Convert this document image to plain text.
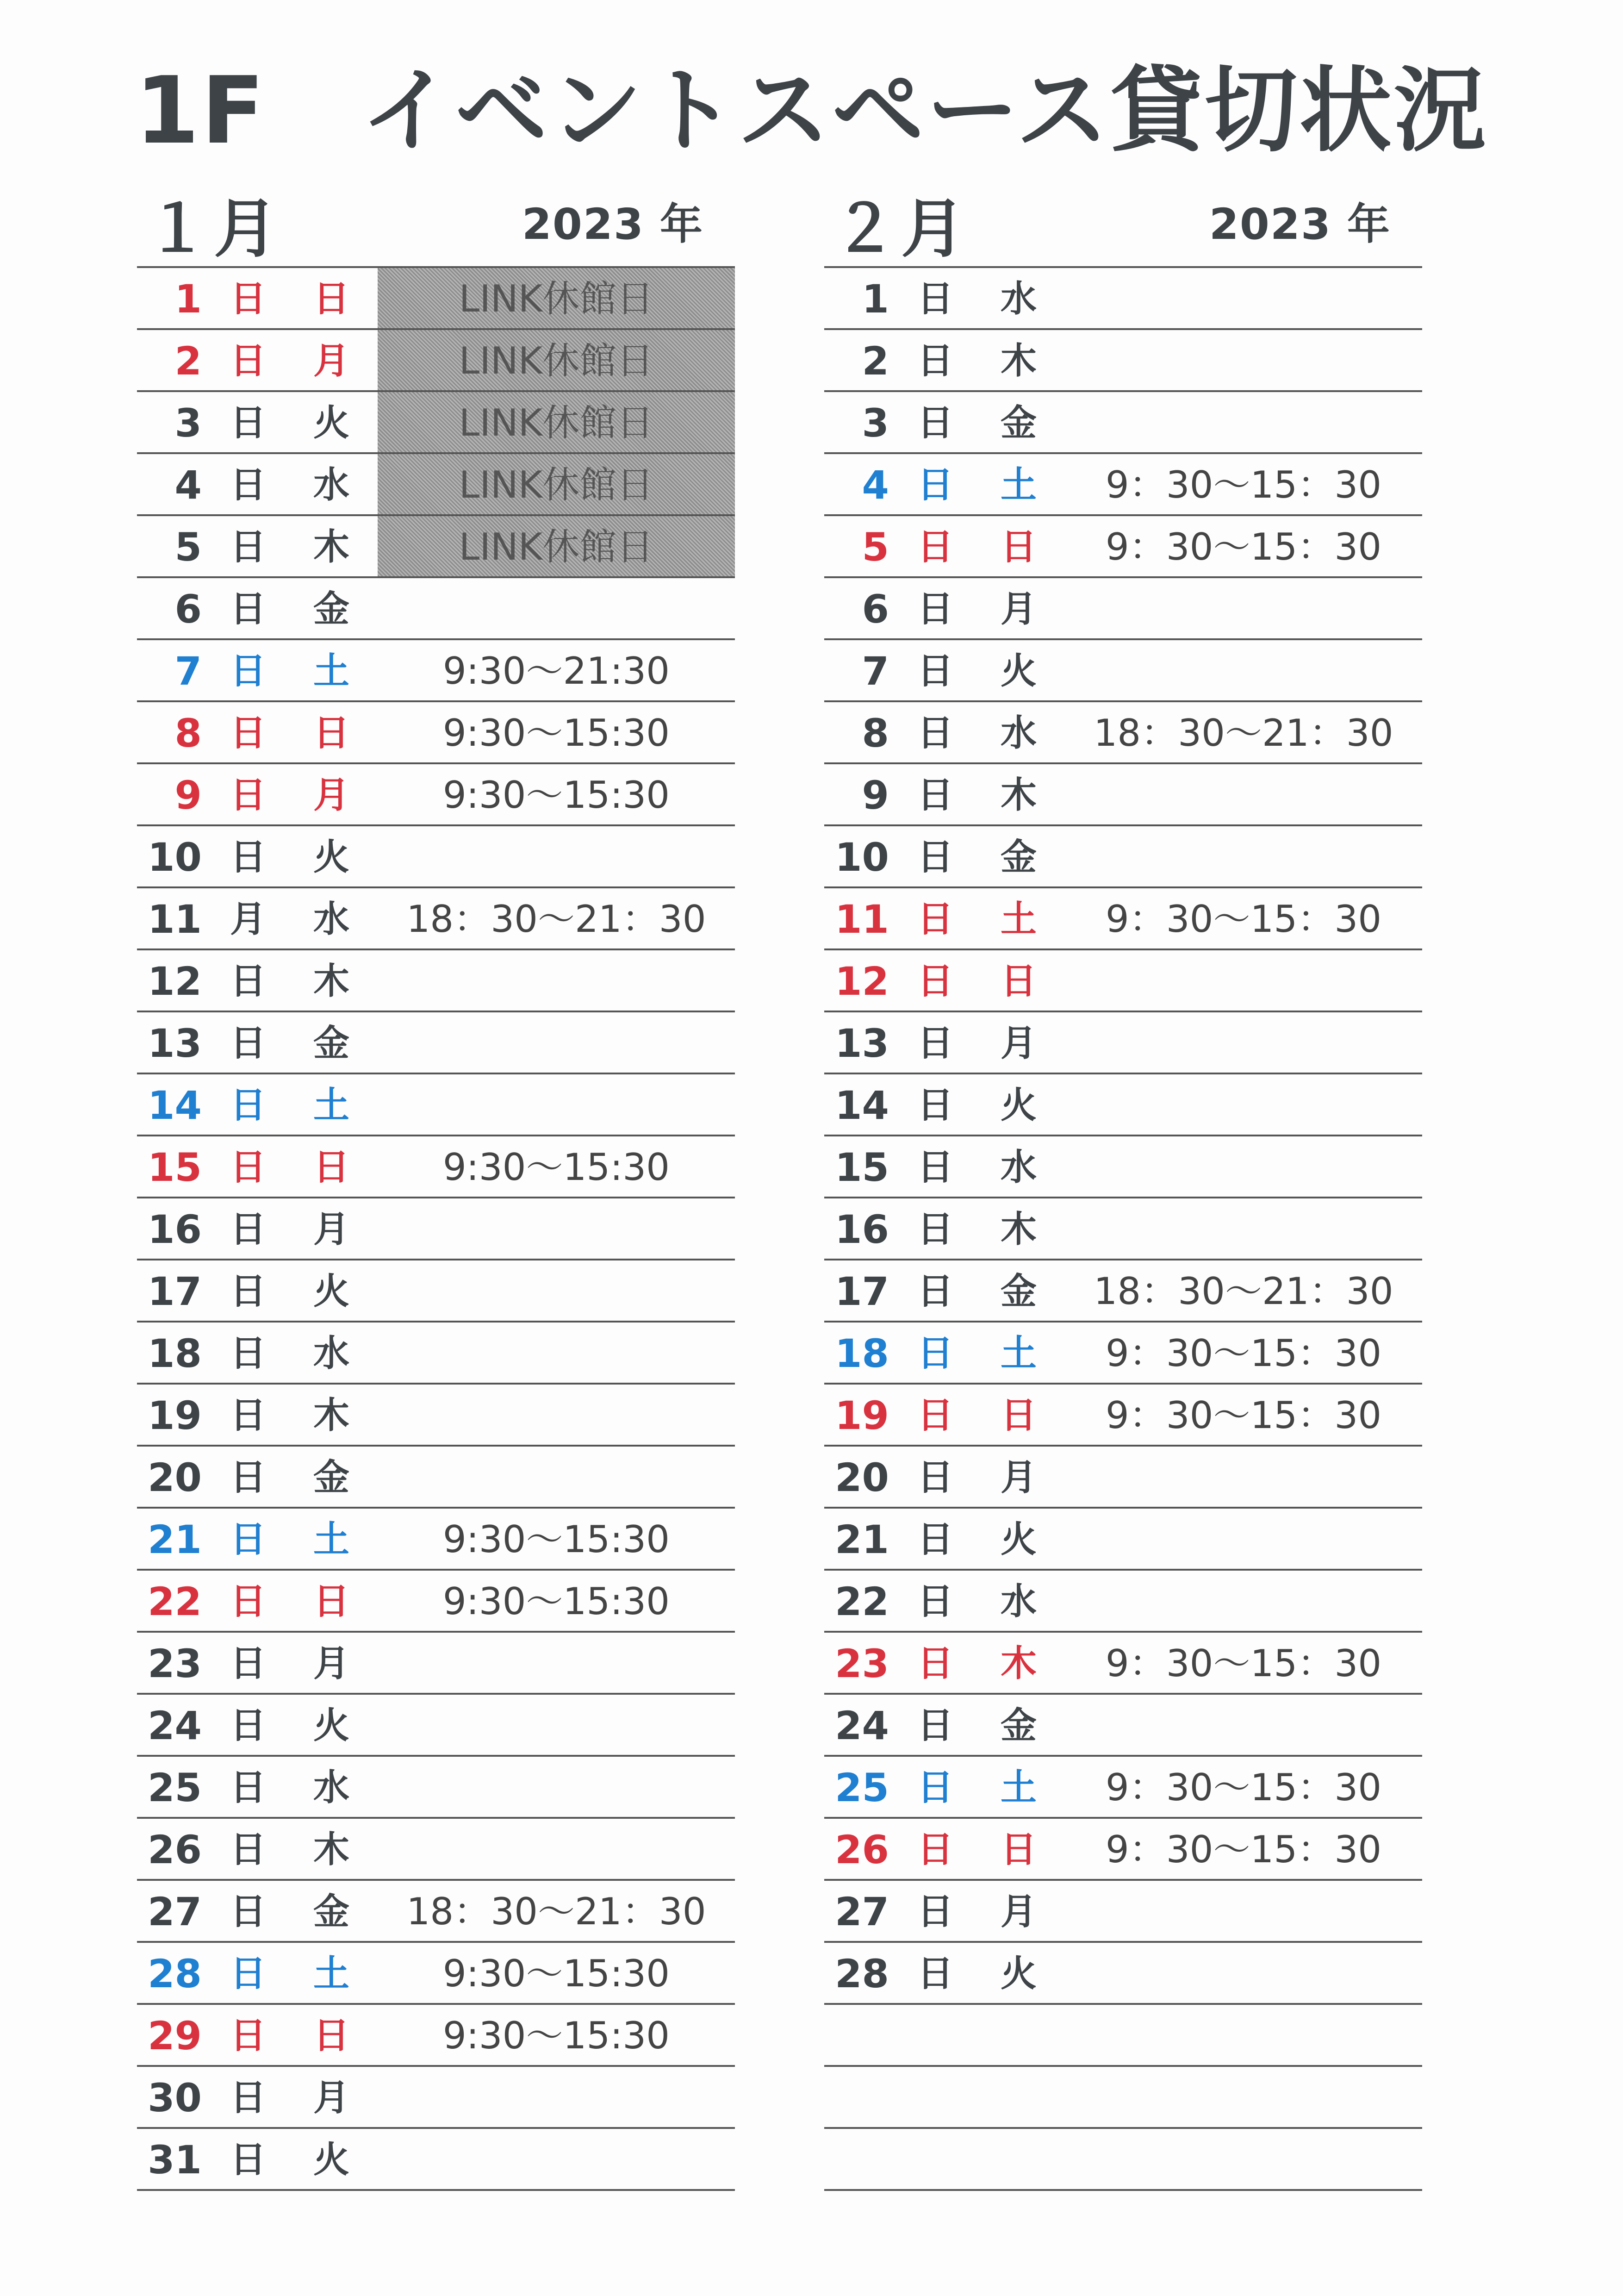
1F　イベントスペース貸切状況
１月	2023 年
1 日 日	LINK休館日
2 日 月	LINK休館日
3 日 火	LINK休館日
4 日 水	LINK休館日
5 日 木	LINK休館日
6 日 金
7 日 土	9:30～21:30
8 日 日	9:30～15:30
9 日 月	9:30～15:30
10 日 火
11 月 水	18：30～21：30
12 日 木
13 日 金
14 日 土
15 日 日	9:30～15:30
16 日 月
17 日 火
18 日 水
19 日 木
20 日 金
21 日 土	9:30～15:30
22 日 日	9:30～15:30
23 日 月
24 日 火
25 日 水
26 日 木
27 日 金	18：30～21：30
28 日 土	9:30～15:30
29 日 日	9:30～15:30
30 日 月
31 日 火
２月	2023 年
1 日 水
2 日 木
3 日 金
4 日 土	9：30～15：30
5 日 日	9：30～15：30
6 日 月
7 日 火
8 日 水	18：30～21：30
9 日 木
10 日 金
11 日 土	9：30～15：30
12 日 日
13 日 月
14 日 火
15 日 水
16 日 木
17 日 金	18：30～21：30
18 日 土	9：30～15：30
19 日 日	9：30～15：30
20 日 月
21 日 火
22 日 水
23 日 木	9：30～15：30
24 日 金
25 日 土	9：30～15：30
26 日 日	9：30～15：30
27 日 月
28 日 火
